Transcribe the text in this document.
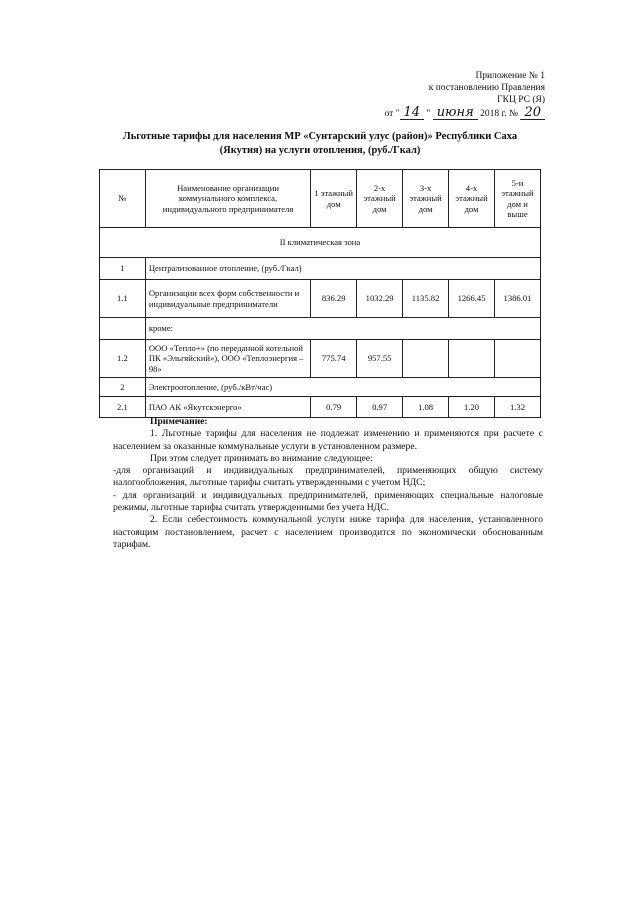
Приложение № 1
к постановлению Правления
ГКЦ РС (Я)
от " 14 " июня 2018 г. № 20
Льготные тарифы для населения МР «Сунтарский улус (район)» Республики Саха
(Якутия) на услуги отопления, (руб./Гкал)
№	Наименование организации коммунального комплекса, индивидуального предпринимателя	1 этажный дом	2-х этажный дом	3-х этажный дом	4-х этажный дом	5-и этажный дом и выше
II климатическая зона						
1	Централизованное отопление, (руб./Гкал)					
1.1	Организации всех форм собственности и индивидуальные предприниматели	836.29	1032.29	1135.82	1266.45	1386.01
	кроме:					
1.2	ООО «Тепло+» (по переданной котельной ПК «Эльгяйский»), ООО «Теплоэнергия – 98»	775.74	957.55			
2	Электроотопление, (руб./кВт/час)					
2.1	ПАО АК «Якутскэнерго»	0.79	0.97	1.08	1.20	1.32

Примечание:

1. Льготные тарифы для населения не подлежат изменению и применяются при расчете с населением за оказанные коммунальные услуги в установленном размере.

При этом следует принимать во внимание следующее:

-для организаций и индивидуальных предпринимателей, применяющих общую систему налогообложения, льготные тарифы считать утвержденными с учетом НДС;

- для организаций и индивидуальных предпринимателей, применяющих специальные налоговые режимы, льготные тарифы считать утвержденными без учета НДС.

2. Если себестоимость коммунальной услуги ниже тарифа для населения, установленного настоящим постановлением, расчет с населением производится по экономически обоснованным тарифам.
